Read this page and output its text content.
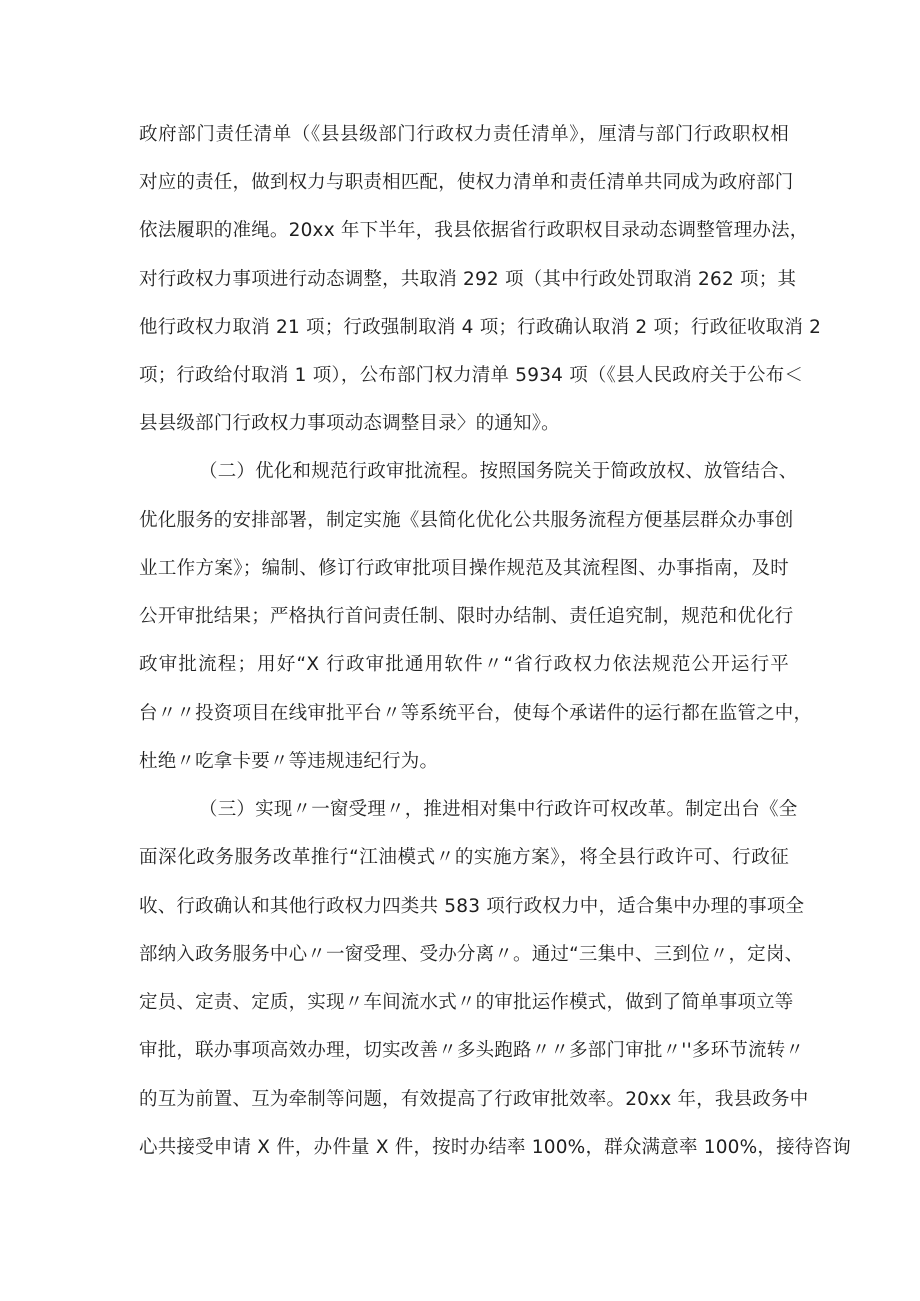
政府部门责任清单（《县县级部门行政权力责任清单》，厘清与部门行政职权相
对应的责任，做到权力与职责相匹配，使权力清单和责任清单共同成为政府部门
依法履职的准绳。20xx 年下半年，我县依据省行政职权目录动态调整管理办法，
对行政权力事项进行动态调整，共取消 292 项（其中行政处罚取消 262 项；其
他行政权力取消 21 项；行政强制取消 4 项；行政确认取消 2 项；行政征收取消 2
项；行政给付取消 1 项），公布部门权力清单 5934 项（《县人民政府关于公布＜
县县级部门行政权力事项动态调整目录〉的通知》。
（二）优化和规范行政审批流程。按照国务院关于简政放权、放管结合、
优化服务的安排部署，制定实施《县简化优化公共服务流程方便基层群众办事创
业工作方案》；编制、修订行政审批项目操作规范及其流程图、办事指南，及时
公开审批结果；严格执行首问责任制、限时办结制、责任追究制，规范和优化行
政审批流程；用好“X 行政审批通用软件〃“省行政权力依法规范公开运行平
台〃〃投资项目在线审批平台〃等系统平台，使每个承诺件的运行都在监管之中，
杜绝〃吃拿卡要〃等违规违纪行为。
（三）实现〃一窗受理〃，推进相对集中行政许可权改革。制定出台《全
面深化政务服务改革推行“江油模式〃的实施方案》，将全县行政许可、行政征
收、行政确认和其他行政权力四类共 583 项行政权力中，适合集中办理的事项全
部纳入政务服务中心〃一窗受理、受办分离〃。通过“三集中、三到位〃，定岗、
定员、定责、定质，实现〃车间流水式〃的审批运作模式，做到了简单事项立等
审批，联办事项高效办理，切实改善〃多头跑路〃〃多部门审批〃''多环节流转〃
的互为前置、互为牵制等问题，有效提高了行政审批效率。20xx 年，我县政务中
心共接受申请 X 件，办件量 X 件，按时办结率 100%，群众满意率 100%，接待咨询
